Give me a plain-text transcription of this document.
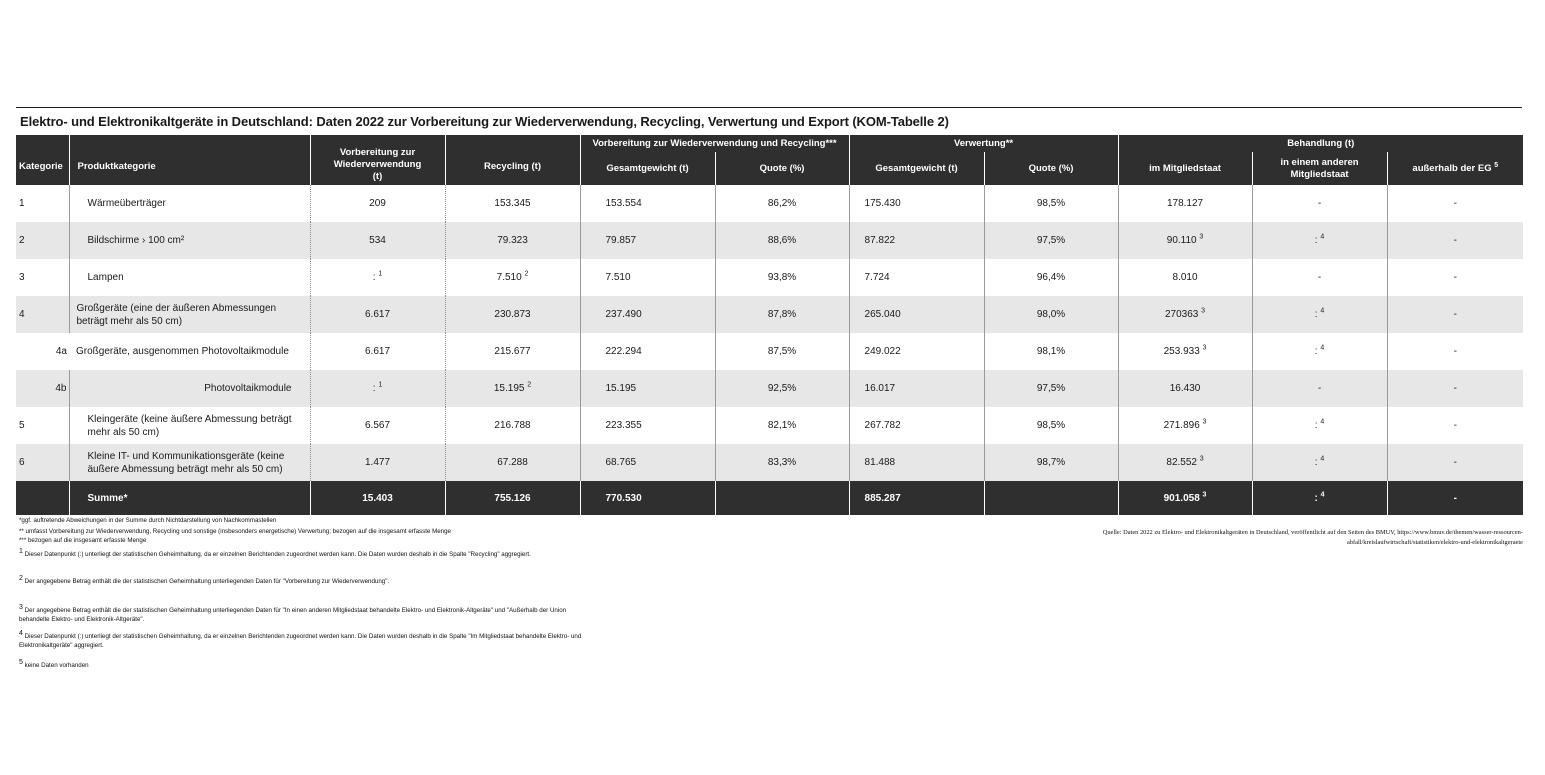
Elektro- und Elektronikaltgeräte in Deutschland: Daten 2022 zur Vorbereitung zur Wiederverwendung, Recycling, Verwertung und Export (KOM-Tabelle 2)
Kategorie	Produktkategorie	Vorbereitung zur Wiederverwendung (t)	Recycling (t)	Vorbereitung zur Wiederverwendung und Recycling***		Verwertung**		Behandlung (t)		
				Gesamtgewicht (t)	Quote (%)	Gesamtgewicht (t)	Quote (%)	im Mitgliedstaat	in einem anderen Mitgliedstaat	außerhalb der EG $^5$
1	Wärmeüberträger	209	153.345	153.554	86,2%	175.430	98,5%	178.127	-	-
2	Bildschirme › 100 cm²	534	79.323	79.857	88,6%	87.822	97,5%	90.110 $^3$	: $^4$	-
3	Lampen	: $^1$	7.510 $^2$	7.510	93,8%	7.724	96,4%	8.010	-	-
4	Großgeräte (eine der äußeren Abmessungen beträgt mehr als 50 cm)	6.617	230.873	237.490	87,8%	265.040	98,0%	270363 $^3$	: $^4$	-
4a	Großgeräte, ausgenommen Photovoltaikmodule	6.617	215.677	222.294	87,5%	249.022	98,1%	253.933 $^3$	: $^4$	-
4b	Photovoltaikmodule	: $^1$	15.195 $^2$	15.195	92,5%	16.017	97,5%	16.430	-	-
5	Kleingeräte (keine äußere Abmessung beträgt mehr als 50 cm)	6.567	216.788	223.355	82,1%	267.782	98,5%	271.896 $^3$	: $^4$	-
6	Kleine IT- und Kommunikationsgeräte (keine äußere Abmessung beträgt mehr als 50 cm)	1.477	67.288	68.765	83,3%	81.488	98,7%	82.552 $^3$	: $^4$	-
	Summe*	15.403	755.126	770.530		885.287		901.058 $^3$	: $^4$	-
*ggf. auftretende Abweichungen in der Summe durch Nichtdarstellung von Nachkommastellen
** umfasst Vorbereitung zur Wiederverwendung, Recycling und sonstige (insbesonders energetische) Verwertung; bezogen auf die insgesamt erfasste Menge
*** bezogen auf die insgesamt erfasste Menge
$^1$ Dieser Datenpunkt (:) unterliegt der statistischen Geheimhaltung, da er einzelnen Berichtenden zugeordnet werden kann. Die Daten wurden deshalb in die Spalte "Recycling" aggregiert.
$^2$ Der angegebene Betrag enthält die der statistischen Geheimhaltung unterliegenden Daten für "Vorbereitung zur Wiederverwendung".
$^3$ Der angegebene Betrag enthält die der statistischen Geheimhaltung unterliegenden Daten für "In einen anderen Mitgliedstaat behandelte Elektro- und Elektronik-Altgeräte" und "Außerhalb der Union behandelte Elektro- und Elektronik-Altgeräte".
$^4$ Dieser Datenpunkt (:) unterliegt der statistischen Geheimhaltung, da er einzelnen Berichtenden zugeordnet werden kann. Die Daten wurden deshalb in die Spalte "Im Mitgliedstaat behandelte Elektro- und Elektronikaltgeräte" aggregiert.
$^5$ keine Daten vorhanden
Quelle: Daten 2022 zu Elektro- und Elektronikaltgeräten in Deutschland, veröffentlicht auf den Seiten des BMUV, https://www.bmuv.de/themen/wasser-ressourcen-abfall/kreislaufwirtschaft/statistiken/elektro-und-elektronikaltgeraete
